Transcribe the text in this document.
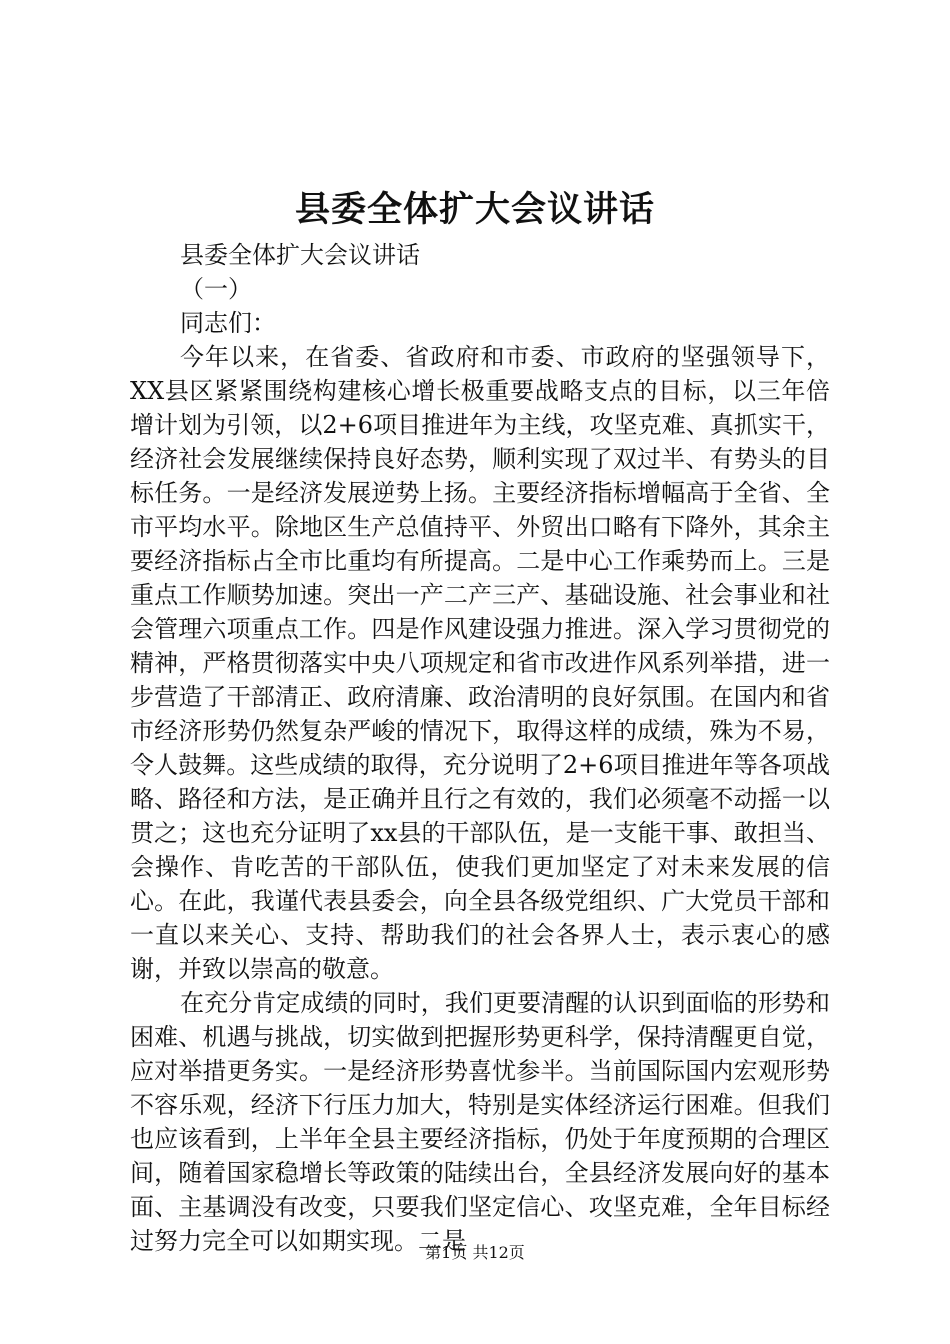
县委全体扩大会议讲话
县委全体扩大会议讲话
（一）
同志们：

今年以来，在省委、省政府和市委、市政府的坚强领导下，XX县区紧紧围绕构建核心增长极重要战略支点的目标，以三年倍增计划为引领，以2+6项目推进年为主线，攻坚克难、真抓实干，经济社会发展继续保持良好态势，顺利实现了双过半、有势头的目标任务。一是经济发展逆势上扬。主要经济指标增幅高于全省、全市平均水平。除地区生产总值持平、外贸出口略有下降外，其余主要经济指标占全市比重均有所提高。二是中心工作乘势而上。三是重点工作顺势加速。突出一产二产三产、基础设施、社会事业和社会管理六项重点工作。四是作风建设强力推进。深入学习贯彻党的精神，严格贯彻落实中央八项规定和省市改进作风系列举措，进一步营造了干部清正、政府清廉、政治清明的良好氛围。在国内和省市经济形势仍然复杂严峻的情况下，取得这样的成绩，殊为不易，令人鼓舞。这些成绩的取得，充分说明了2+6项目推进年等各项战略、路径和方法，是正确并且行之有效的，我们必须毫不动摇一以贯之；这也充分证明了xx县的干部队伍，是一支能干事、敢担当、会操作、肯吃苦的干部队伍，使我们更加坚定了对未来发展的信心。在此，我谨代表县委会，向全县各级党组织、广大党员干部和一直以来关心、支持、帮助我们的社会各界人士，表示衷心的感谢，并致以崇高的敬意。

在充分肯定成绩的同时，我们更要清醒的认识到面临的形势和困难、机遇与挑战，切实做到把握形势更科学，保持清醒更自觉，应对举措更务实。一是经济形势喜忧参半。当前国际国内宏观形势不容乐观，经济下行压力加大，特别是实体经济运行困难。但我们也应该看到，上半年全县主要经济指标，仍处于年度预期的合理区间，随着国家稳增长等政策的陆续出台，全县经济发展向好的基本面、主基调没有改变，只要我们坚定信心、攻坚克难，全年目标经过努力完全可以如期实现。二是

第1页 共12页
